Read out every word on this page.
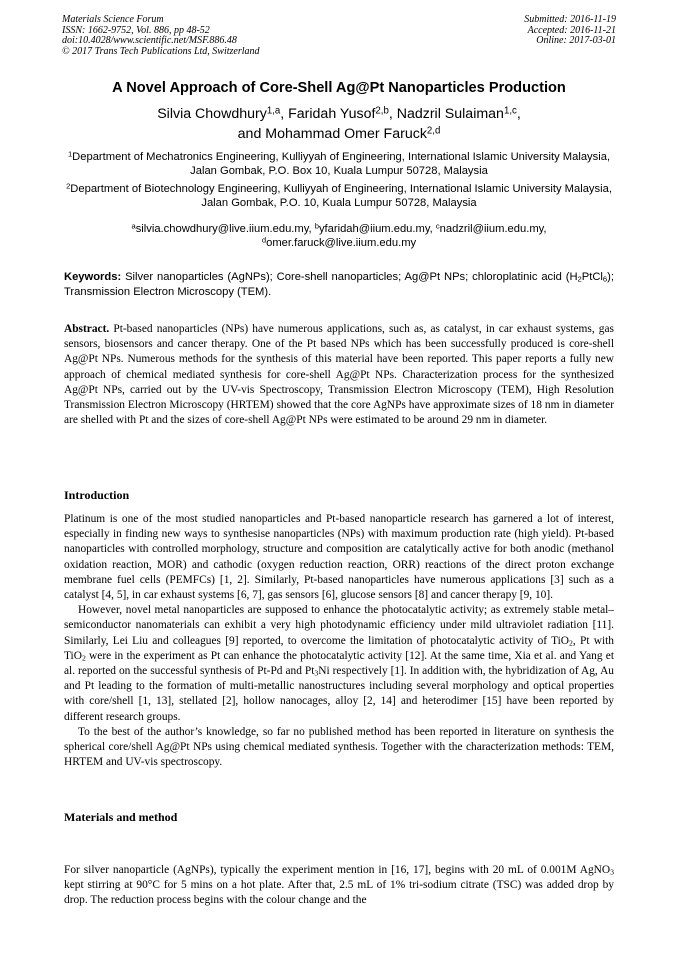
Materials Science Forum
ISSN: 1662-9752, Vol. 886, pp 48-52
doi:10.4028/www.scientific.net/MSF.886.48
© 2017 Trans Tech Publications Ltd, Switzerland
Submitted: 2016-11-19
Accepted: 2016-11-21
Online: 2017-03-01
A Novel Approach of Core-Shell Ag@Pt Nanoparticles Production
Silvia Chowdhury$^{1,a}$, Faridah Yusof$^{2,b}$, Nadzril Sulaiman$^{1,c}$,
and Mohammad Omer Faruck$^{2,d}$
$^1$Department of Mechatronics Engineering, Kulliyyah of Engineering, International Islamic University Malaysia, Jalan Gombak, P.O. Box 10, Kuala Lumpur 50728, Malaysia
$^2$Department of Biotechnology Engineering, Kulliyyah of Engineering, International Islamic University Malaysia, Jalan Gombak, P.O. 10, Kuala Lumpur 50728, Malaysia
$^a$silvia.chowdhury@live.iium.edu.my, $^b$yfaridah@iium.edu.my, $^c$nadzril@iium.edu.my,
$^d$omer.faruck@live.iium.edu.my
Keywords: Silver nanoparticles (AgNPs); Core-shell nanoparticles; Ag@Pt NPs; chloroplatinic acid $(H_2PtCl_6)$; Transmission Electron Microscopy (TEM).
Abstract. Pt-based nanoparticles (NPs) have numerous applications, such as, as catalyst, in car exhaust systems, gas sensors, biosensors and cancer therapy. One of the Pt based NPs which has been successfully produced is core-shell Ag@Pt NPs. Numerous methods for the synthesis of this material have been reported. This paper reports a fully new approach of chemical mediated synthesis for core-shell Ag@Pt NPs. Characterization process for the synthesized Ag@Pt NPs, carried out by the UV-vis Spectroscopy, Transmission Electron Microscopy (TEM), High Resolution Transmission Electron Microscopy (HRTEM) showed that the core AgNPs have approximate sizes of 18 nm in diameter are shelled with Pt and the sizes of core-shell Ag@Pt NPs were estimated to be around 29 nm in diameter.
Introduction

Platinum is one of the most studied nanoparticles and Pt-based nanoparticle research has garnered a lot of interest, especially in finding new ways to synthesise nanoparticles (NPs) with maximum production rate (high yield). Pt-based nanoparticles with controlled morphology, structure and composition are catalytically active for both anodic (methanol oxidation reaction, MOR) and cathodic (oxygen reduction reaction, ORR) reactions of the direct proton exchange membrane fuel cells (PEMFCs) [1, 2]. Similarly, Pt-based nanoparticles have numerous applications [3] such as a catalyst [4, 5], in car exhaust systems [6, 7], gas sensors [6], glucose sensors [8] and cancer therapy [9, 10].

However, novel metal nanoparticles are supposed to enhance the photocatalytic activity; as extremely stable metal–semiconductor nanomaterials can exhibit a very high photodynamic efficiency under mild ultraviolet radiation [11]. Similarly, Lei Liu and colleagues [9] reported, to overcome the limitation of photocatalytic activity of TiO$_2$, Pt with TiO$_2$ were in the experiment as Pt can enhance the photocatalytic activity [12]. At the same time, Xia et al. and Yang et al. reported on the successful synthesis of Pt-Pd and $Pt_3Ni$ respectively [1]. In addition with, the hybridization of Ag, Au and Pt leading to the formation of multi-metallic nanostructures including several morphology and optical properties with core/shell [1, 13], stellated [2], hollow nanocages, alloy [2, 14] and heterodimer [15] have been reported by different research groups.

To the best of the author’s knowledge, so far no published method has been reported in literature on synthesis the spherical core/shell Ag@Pt NPs using chemical mediated synthesis. Together with the characterization methods: TEM, HRTEM and UV-vis spectroscopy.

Materials and method

For silver nanoparticle (AgNPs), typically the experiment mention in [16, 17], begins with 20 mL of 0.001M AgNO$_3$ kept stirring at 90°C for 5 mins on a hot plate. After that, 2.5 mL of 1% tri-sodium citrate (TSC) was added drop by drop. The reduction process begins with the colour change and the
